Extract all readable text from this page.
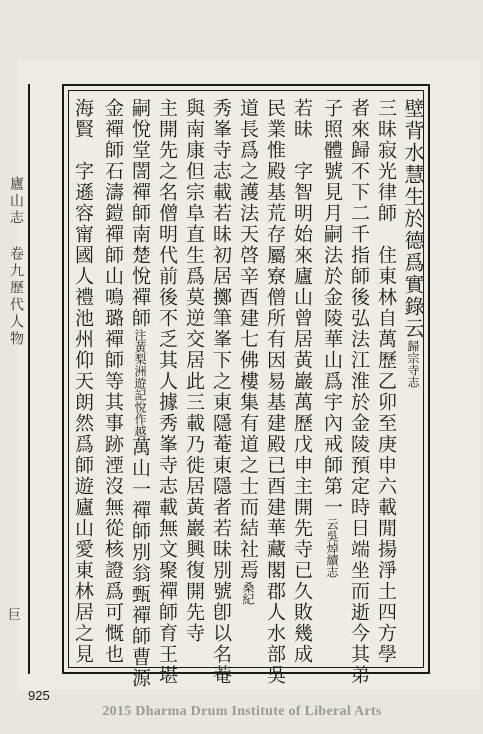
廬山志 卷九歷代人物
巨
壁背水慧生於德爲實錄云歸宗寺志
三昧寂光律師　住東林自萬歷乙卯至庚申六載閒揚淨土四方學
者來歸不下二千指師後弘法江淮於金陵預定時日端坐而逝今其弟
子照體號見月嗣法於金陵華山爲宇內戒師第一云吳焯續志
若昧　字智明始來廬山曾居黃巖萬歷戊申主開先寺已久敗幾成
民業惟殿基荒存屬寮僧所有因易基建殿已酉建華藏閣郡人水部吳
道長爲之護法天啓辛酉建七佛樓集有道之士而結社焉桑紀
秀峯寺志載若昧初居擲筆峯下之東隱菴東隱者若昧別號卽以名菴
與南康但宗阜直生爲莫逆交居此三載乃徙居黃巖興復開先寺
主開先之名僧明代前後不乏其人據秀峯寺志載無文聚禪師育王堪
嗣悅堂誾禪師南楚悅禪師注黃梨洲遊記悅作越萬山一禪師別翁甄禪師曹源
金禪師石濤鎧禪師山鳴璐禪師等其事跡湮沒無從核證爲可慨也
海賢　字遜容甯國人禮池州仰天朗然爲師遊廬山愛東林居之見
925
2015 Dharma Drum Institute of Liberal Arts
